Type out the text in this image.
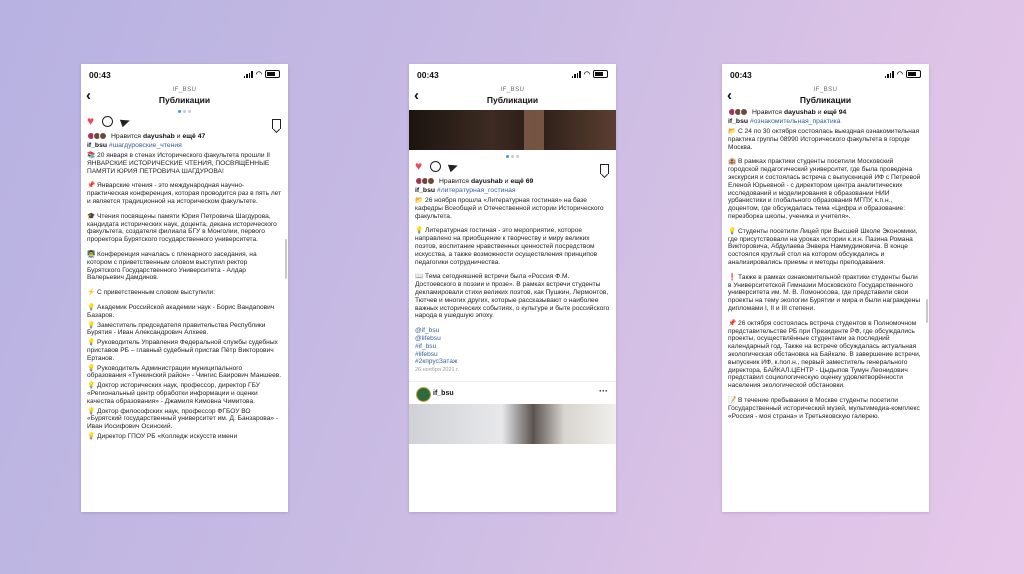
00:43	◠
‹	IF_BSU
Публикации
♥
Нравится dayushab и ещё 47
if_bsu #шагдуровские_чтения

📚 20 января в стенах Исторического факультета прошли II ЯНВАРСКИЕ ИСТОРИЧЕСКИЕ ЧТЕНИЯ, ПОСВЯЩЁННЫЕ ПАМЯТИ ЮРИЯ ПЕТРОВИЧА ШАГДУРОВА!

📌 Январские чтения - это международная научно-практическая конференция, которая проводится раз в пять лет и является традиционной на историческом факультете.

🎓 Чтения посвящены памяти Юрия Петровича Шагдурова, кандидата исторических наук, доцента, декана исторического факультета, создателя филиала БГУ в Монголии, первого проректора Бурятского государственного университета.

👨‍🏫 Конференция началась с пленарного заседания, на котором с приветственным словом выступил ректор Бурятского Государственного Университета - Алдар Валерьевич Дамдинов.

⚡ С приветственным словом выступили:

💡 Академик Российской академии наук - Борис Вандanович Базаров.

💡 Заместитель председателя правительства Республики Бурятия - Иван Александрович Алхеев.

💡 Руководитель Управления Федеральной службы судебных приставов РБ – главный судебный пристав Пётр Викторович Ертанов.

💡 Руководитель Администрации муниципального образования «Тункинский район» - Чингис Баирович Маншеев.

💡 Доктор исторических наук, профессор, директор ГБУ «Региональный центр обработки информации и оценки качества образования» - Джамиля Кимовна Чимитова.

💡 Доктор философских наук, профессор ФГБОУ ВО «Бурятский государственный университет им. Д. Банзарова» - Иван Иосифович Осинский.

💡 Директор ГПОУ РБ «Колледж искусств имени

00:43	◠
‹	IF_BSU
Публикации
♥
Нравится dayushab и ещё 69
if_bsu #литературная_гостиная

📂 26 ноября прошла «Литературная гостиная» на базе кафедры Всеобщей и Отечественной истории Исторического факультета.

💡 Литературная гостиная - это мероприятие, которое направлено на приобщение к творчеству и миру великих поэтов, воспитание нравственных ценностей посредством искусства, а также возможности осуществления принципов педагогики сотрудничества.

📖 Тема сегодняшней встречи была «Россия Ф.М. Достоевского в поэзии и прозе». В рамках встречи студенты декламировали стихи великих поэтов, как Пушкин, Лермонтов, Тютчев и многих других, которые рассказывают о наиболее важных исторических событиях, о культуре и быте российского народа в ушедшую эпоху.

@if_bsu
@lifebsu
#if_bsu
#lifebsu
#2кпрусЗатаж
26 ноября 2021 г.
if_bsu	···
00:43	◠
‹	IF_BSU
Публикации
Нравится dayushab и ещё 94
if_bsu #ознакомительная_практика

📂 С 24 по 30 октября состоялась выездная ознакомительная практика группы 08990 Исторического факультета в городе Москва.

🏨 В рамках практики студенты посетили Московский городской педагогический университет, где была проведена экскурсия и состоялась встреча с выпускницей ИФ с Петревой Еленой Юрьевной - с директором центра аналитических исследований и моделирования в образовании НИИ урбанистики и глобального образования МГПУ, к.п.н., доцентом, где обсуждалась тема «Цифра и образование: перезборка школы, ученика и учителя».

💡 Студенты посетили Лицей при Высшей Школе Экономики, где присутствовали на уроках истории к.и.н. Пазина Романа Викторовича, Абдулаева Энвера Наммудиновича. В конце состоялся круглый стол на котором обсуждались и анализировались приемы и методы преподавания.

❗ Также в рамках ознакомительной практики студенты были в Университетской Гимназии Московского Государственного университета им. М. В. Ломоносова, где представили свои проекты на тему экологии Бурятии и мира и были награждены дипломами I, II и III степени.

📌 26 октября состоялась встреча студентов в Полномочном представительстве РБ при Президенте РФ, где обсуждались проекты, осуществлённые студентами за последний календарный год. Также на встрече обсуждалась актуальная экологическая обстановка на Байкале. В завершение встречи, выпускник ИФ, к.пол.н., первый заместитель генерального директора, БАЙКАЛ.ЦЕНТР - Цыдыпов Тумун Леонидович представил социологическую оценку удовлетворённости населения экологической обстановки.

📝 В течение пребывания в Москве студенты посетили Государственный исторический музей, мультимедиа-комплекс «Россия - моя страна» и Третьяковскую галерею.
